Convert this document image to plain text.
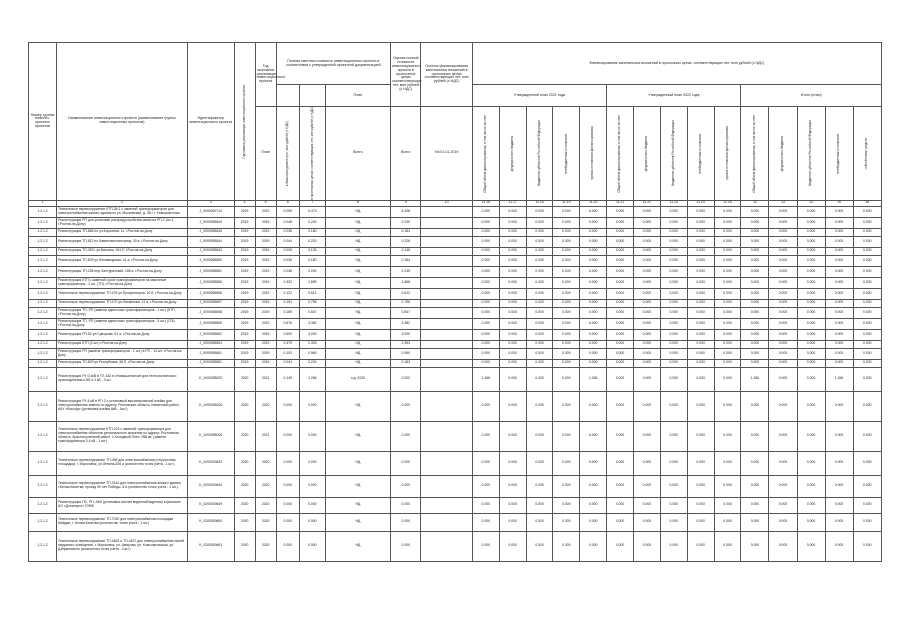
Номер группы инвести-ционных проектов	Наименование инвестиционного проекта (наименование группы инвестиционных проектов)	Идентификатор инвестиционного проекта	Год начала реализации инвестиционного проекта	Год окончания реализации инвестиционного проекта	Полная сметная стоимость инвестиционного проекта в соответствии с утвержденной проектной документацией			Оценка полной стоимости инвестиционного проекта в прогнозных ценах соответствующих лет, млн рублей (с НДС)	Остаток финансирования капитальных вложений в прогнозных ценах соответствующих лет, млн рублей (с НДС)	Финансирование капитальных вложений в прогнозных ценах, соответствующих лет, млн рублей (с НДС)														
							План			Утвержденный план 2021 года					Утвержденный план 2022 года					Итого (план)				
				План	в базисном уровне цен, млн рублей (с НДС)	в прогнозных ценах соответствующих лет, млн рублей (с НДС)	Всего	Всего	На 01.01.2019	Общий объем финансирования, в том числе за счет	федерального бюджета	бюджетов субъектов Российской Федерации	внебюджетных источников	прочих источников финансирования	Общий объем финансирования, в том числе за счет	федерального бюджета	бюджетов субъектов Российской Федерации	внебюджетных источников	прочих источников финансирования	Общий объем финансирования, в том числе за счет	федерального бюджета	бюджетов субъектов Российской Федерации	внебюджетных источников	собственных средств

1	2	3	4	5	6	7	8	9	10	11.16	11.17	11.18	11.19	11.20	11.21	11.22	11.23	11.24	11.25	12	13	14	15	16
1.2.1.2	Техническое перевооружение КТП-36-1 с заменой трансформаторов для электроснабжения жилого здания по ул. Московская, д. 38 г. г. Новошахтинск	J_0000050710	2019	2019	0.095	0.473	НД	6.448		0.000	0.000	0.000	0.000	0.000	0.000	0.000	0.000	0.000	0.000	0.000	0.000	0.000	0.000	0.000
1.2.1.2	Реконструкция РП для установки распредустройства связи на РП-2 (яч.1, г.Ростов-на-Дону)	J_0000055840	2019	2019	0.048	0.240	НД	0.240		0.000	0.000	0.000	0.000	0.000	0.000	0.000	0.000	0.000	0.000	0.000	0.000	0.000	0.000	0.000
1.2.1.2	Реконструкция ТП-865 по ул.Королева, 1з, г.Ростов-на-Дону	J_0000055845	2019	2019	0.036	0.180	НД	0.184		0.000	0.000	0.000	0.000	0.000	0.000	0.000	0.000	0.000	0.000	0.000	0.000	0.000	0.000	0.000
1.2.1.2	Реконструкция ТП-812 по Каменомостинскому, 30 в, г.Ростов-на-Дону	J_0000055844	2019	2019	0.044	0.220	НД	0.226		0.000	0.000	0.000	0.000	0.000	0.000	0.000	0.000	0.000	0.000	0.000	0.000	0.000	0.000	0.000
1.2.1.2	Реконструкция ТП-393 I ул.Вятская, 104 б, г.Ростов-на-Дону	J_0000055843	2019	2019	0.026	0.130	НД	0.148		0.000	0.000	0.000	0.000	0.000	0.000	0.000	0.000	0.000	0.000	0.000	0.000	0.000	0.000	0.000
1.2.1.2	Реконструкция ТП-829 ул.Лензаводская, 41 а, г.Ростов-на-Дону	J_0000055850	2019	2019	0.036	0.180	НД	0.184		0.000	0.000	0.000	0.000	0.000	0.000	0.000	0.000	0.000	0.000	0.000	0.000	0.000	0.000	0.000
1.2.1.2	Реконструкция ТП-155 пер.Халтуринский, 158 а, г.Ростов-на-Дону	J_0000055851	2019	2019	0.048	0.240	НД	0.245		0.000	0.000	0.000	0.000	0.000	0.000	0.000	0.000	0.000	0.000	0.000	0.000	0.000	0.000	0.000
1.2.1.2	Реконструкция КТП с заменой сухих трансформаторов на масляные трансформаторы - 2 шт. (ТП), г.Ростов-на-Дону	J_0000055855	2019	2019	0.332	1.659	НД	1.668		0.000	0.000	0.000	0.000	0.000	0.000	0.000	0.000	0.000	0.000	0.000	0.000	0.000	0.000	0.000
1.2.1.2	Техническое перевооружение ТП-476 ул.Профинтерна, 10 б, г.Ростов-на-Дону	J_0000055856	2019	2019	0.122	0.612	НД	0.612		0.000	0.000	0.000	0.000	0.000	0.000	0.000	0.000	0.000	0.000	0.000	0.000	0.000	0.000	0.000
1.2.1.2	Техническое перевооружение ТП-170 ул.Литвинова, 12 а, г.Ростов-на-Дону	J_0000055857	2019	2019	0.151	0.756	НД	0.756		0.000	0.000	0.000	0.000	0.000	0.000	0.000	0.000	0.000	0.000	0.000	0.000	0.000	0.000	0.000
1.2.1.2	Реконструкция ТП, РП (замена одиночных трансформаторов - 1 шт.) (КТП, г.Ростов-на-Дону)	J_0000055858	2019	2019	0.169	0.847	НД	0.847		0.000	0.000	0.000	0.000	0.000	0.000	0.000	0.000	0.000	0.000	0.000	0.000	0.000	0.000	0.000
1.2.1.2	Реконструкция ТП, РП (замена одиночных трансформаторов - 5 шт.) (ОЭ), г.Ростов-на-Дону	J_0000055865	2019	2019	0.676	3.382	НД	3.382		0.000	0.000	0.000	0.000	0.000	0.000	0.000	0.000	0.000	0.000	0.000	0.000	0.000	0.000	0.000
1.2.1.2	Реконструкция РП-62 ул.Суворова, 91 а, г.Ростов-на-Дону	J_0000055862	2019	2019	0.600	3.000	НД	3.000		0.000	0.000	0.000	0.000	0.000	0.000	0.000	0.000	0.000	0.000	0.000	0.000	0.000	0.000	0.000
1.2.1.2	Реконструкция КТП (2 шт.) г.Ростов-на-Дону	J_0000055864	2019	2019	0.479	2.393	НД	2.393		0.000	0.000	0.000	0.000	0.000	0.000	0.000	0.000	0.000	0.000	0.000	0.000	0.000	0.000	0.000
1.2.1.2	Реконструкция РП (замена трансформаторов - 1 шт.) в РП - 14 шт. г.Ростов-на-Дону	J_0000055861	2019	2019	0.192	0.960	НД	0.960		0.000	0.000	0.000	0.000	0.000	0.000	0.000	0.000	0.000	0.000	0.000	0.000	0.000	0.000	0.000
1.2.1.2	Реконструкция ТП-829 ул.Республика, 46 б, г.Ростов-на-Дону	J_0000055851	2019	2019	0.041	0.224	НД	0.183		0.000	0.000	0.000	0.000	0.000	0.000	0.000	0.000	0.000	0.000	0.000	0.000	0.000	0.000	0.000
1.2.1.2	Реконструкция РУ-0,4кВ в ТП-162 в г.Новошахтинске для технологического присоединения к ВЛ-0,4 кВ - 3 шт.	K_1000098020	2020	2021	0.149	1.266	н.д. 2020	0.000		1.266	0.000	0.000	0.000	1.266	0.000	0.000	0.000	0.000	0.000	1.266	0.000	0.000	1.266	0.000
1.2.1.2	Реконструкция РУ-6 кВ в РП-2 с установкой высоковольтной ячейки для электроснабжения земель по адресу: Ростовская область, Каменский район, АКХ «Восход» (установка ячейки 6кВ - 1шт.)	K_1000096206	2020	2020	0.000	0.000	НД	0.000		0.000	0.000	0.000	0.000	0.000	0.000	0.000	0.000	0.000	0.000	0.000	0.000	0.000	0.000	0.000
1.2.1.2	Техническое перевооружение КТП-223 с заменой трансформатора для электроснабжения объектов регионального значения по адресу: Ростовская область, Красносулинский район, х.Холодный Плес, 958 кв. (замена трансформатора 0,4 кВ - 1 шт.)	K_1000098006	2020	2021	0.000	0.000	НД	0.000		0.000	0.000	0.000	0.000	0.000	0.000	0.000	0.000	0.000	0.000	0.000	0.000	0.000	0.000	0.000
1.2.1.2	Техническое перевооружение ТП-496 для электроснабжения (отгрузочная площадка), г. Морозовск, ул.Ленина,206 а (количество точек учета - 1 шт.)	K_0200000632	2020	2020	0.000	0.000	НД	0.000		0.000	0.000	0.000	0.000	0.000	0.000	0.000	0.000	0.000	0.000	0.000	0.000	0.000	0.000	0.000
1.2.1.2	Техническое перевооружение ТП-3144 для электроснабжения жилого здания, г.Белая Калитва, проезд 50 лет Победы, 6-6 (количество точек учета - 1 шт.)	K_0200000640	2020	2020	0.000	0.000	НД	0.000		0.000	0.000	0.000	0.000	0.000	0.000	0.000	0.000	0.000	0.000	0.000	0.000	0.000	0.000	0.000
1.2.1.2	Реконструкция ПС, РП, АБК (установка систем видеонаблюдения) в филиале АО «Донэнерго» ПЭКК	K_0200000649	2020	2020	0.000	0.000	НД	0.000		0.000	0.000	0.000	0.000	0.000	0.000	0.000	0.000	0.000	0.000	0.000	0.000	0.000	0.000	0.000
1.2.1.2	Техническое перевооружение ТП-7020 для электроснабжения площадки Майдан, г. Белая Калитва (количество точек учета - 1 шт.)	K_0200000650	2020	2020	0.000	0.000	НД	0.000		0.000	0.000	0.000	0.000	0.000	0.000	0.000	0.000	0.000	0.000	0.000	0.000	0.000	0.000	0.000
1.2.1.2	Техническое перевооружение ТП-4463 и ТП-4437 для электроснабжения линий наружного освещения, г. Морозовск, ул. Амирова, ул. Комсомольская, ул. Дзержинского (количество точек учета - 2 шт.)	K_0200000661	2020	2020	0.000	0.000	НД	0.000		0.000	0.000	0.000	0.000	0.000	0.000	0.000	0.000	0.000	0.000	0.000	0.000	0.000	0.000	0.000
